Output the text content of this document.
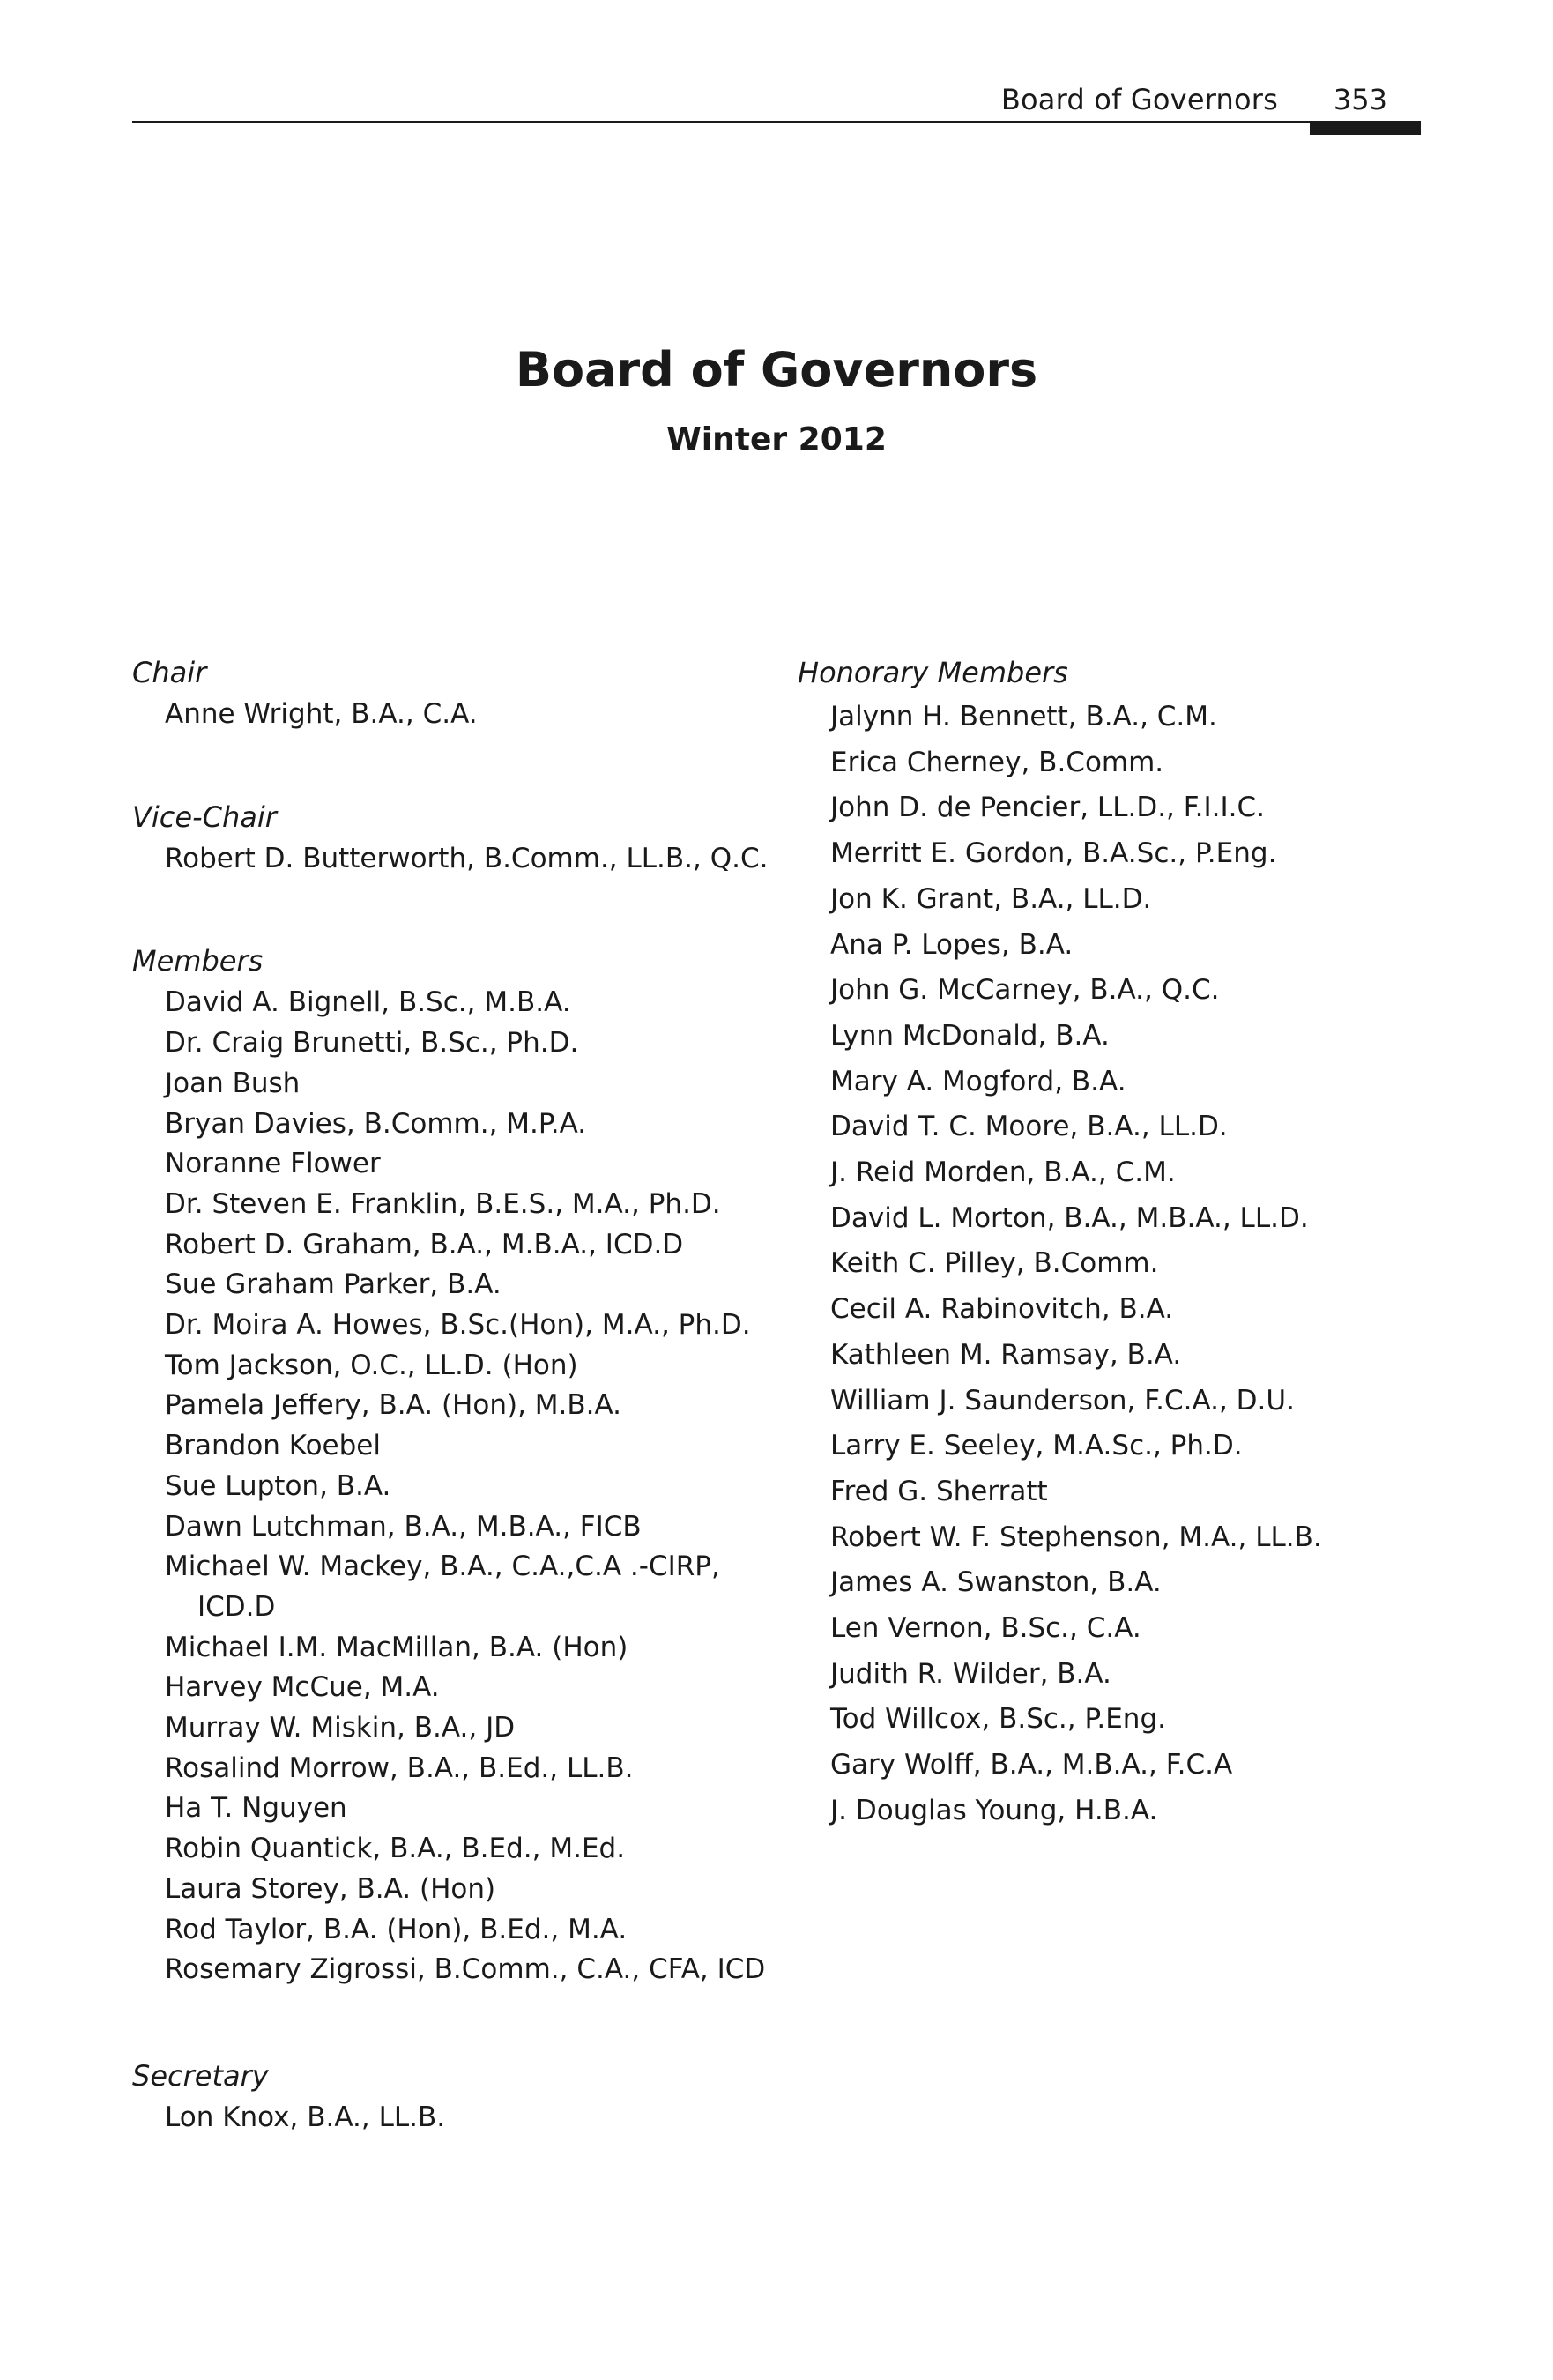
Board of Governors 353
Board of Governors
Winter 2012

Chair

Anne Wright, B.A., C.A.

Vice-Chair

Robert D. Butterworth, B.Comm., LL.B., Q.C.

Members

David A. Bignell, B.Sc., M.B.A.
Dr. Craig Brunetti, B.Sc., Ph.D.
Joan Bush
Bryan Davies, B.Comm., M.P.A.
Noranne Flower
Dr. Steven E. Franklin, B.E.S., M.A., Ph.D.
Robert D. Graham, B.A., M.B.A., ICD.D
Sue Graham Parker, B.A.
Dr. Moira A. Howes, B.Sc.(Hon), M.A., Ph.D.
Tom Jackson, O.C., LL.D. (Hon)
Pamela Jeffery, B.A. (Hon), M.B.A.
Brandon Koebel
Sue Lupton, B.A.
Dawn Lutchman, B.A., M.B.A., FICB
Michael W. Mackey, B.A., C.A.,C.A .-CIRP, ICD.D
Michael I.M. MacMillan, B.A. (Hon)
Harvey McCue, M.A.
Murray W. Miskin, B.A., JD
Rosalind Morrow, B.A., B.Ed., LL.B.
Ha T. Nguyen
Robin Quantick, B.A., B.Ed., M.Ed.
Laura Storey, B.A. (Hon)
Rod Taylor, B.A. (Hon), B.Ed., M.A.
Rosemary Zigrossi, B.Comm., C.A., CFA, ICD

Secretary

Lon Knox, B.A., LL.B.

Honorary Members

Jalynn H. Bennett, B.A., C.M.
Erica Cherney, B.Comm.
John D. de Pencier, LL.D., F.I.I.C.
Merritt E. Gordon, B.A.Sc., P.Eng.
Jon K. Grant, B.A., LL.D.
Ana P. Lopes, B.A.
John G. McCarney, B.A., Q.C.
Lynn McDonald, B.A.
Mary A. Mogford, B.A.
David T. C. Moore, B.A., LL.D.
J. Reid Morden, B.A., C.M.
David L. Morton, B.A., M.B.A., LL.D.
Keith C. Pilley, B.Comm.
Cecil A. Rabinovitch, B.A.
Kathleen M. Ramsay, B.A.
William J. Saunderson, F.C.A., D.U.
Larry E. Seeley, M.A.Sc., Ph.D.
Fred G. Sherratt
Robert W. F. Stephenson, M.A., LL.B.
James A. Swanston, B.A.
Len Vernon, B.Sc., C.A.
Judith R. Wilder, B.A.
Tod Willcox, B.Sc., P.Eng.
Gary Wolff, B.A., M.B.A., F.C.A
J. Douglas Young, H.B.A.
